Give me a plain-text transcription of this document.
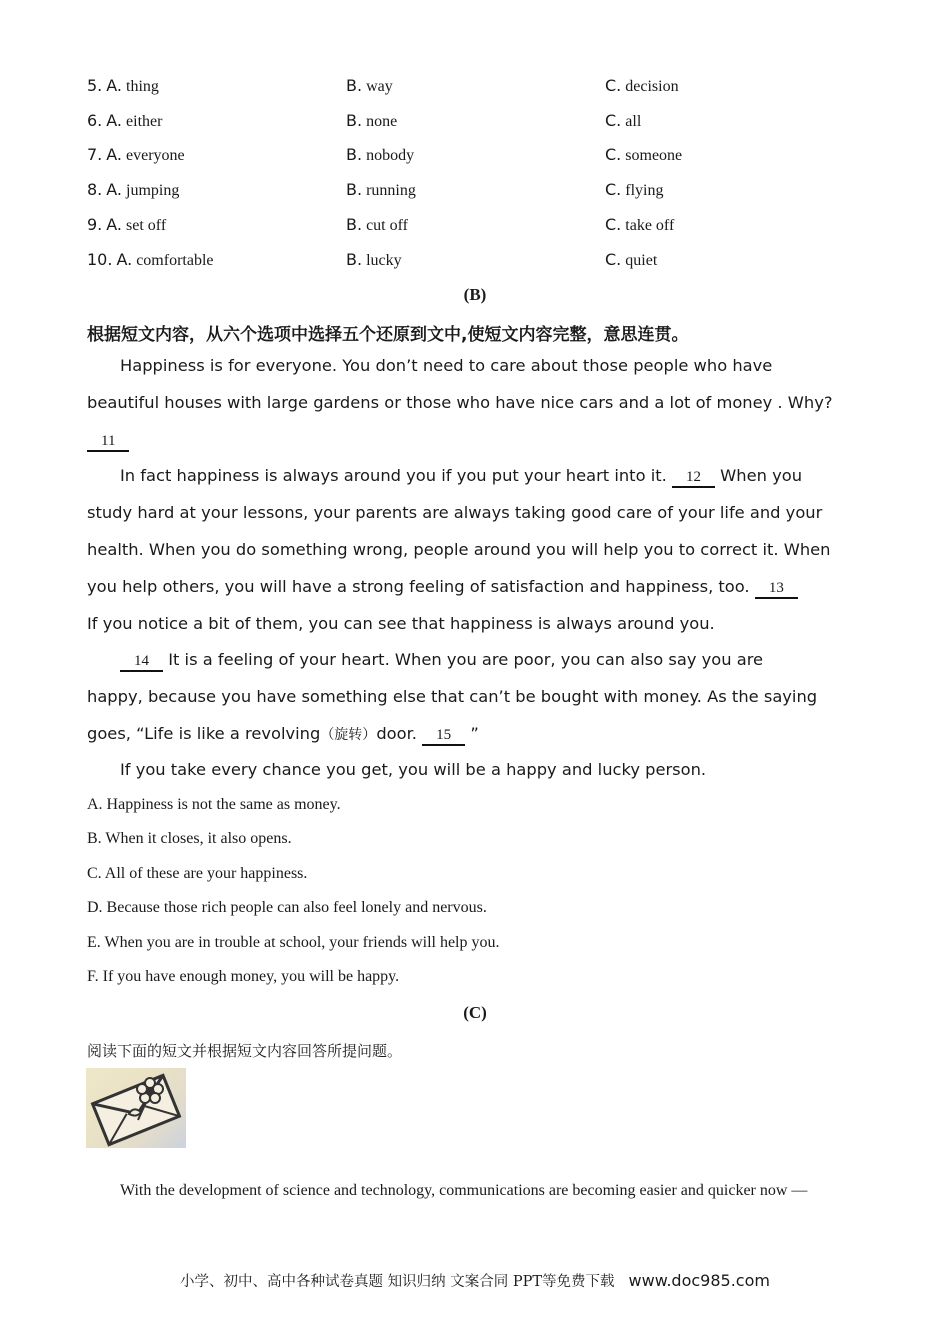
5. A. thing	B. way	C. decision
6. A. either	B. none	C. all
7. A. everyone	B. nobody	C. someone
8. A. jumping	B. running	C. flying
9. A. set off	B. cut off	C. take off
10. A. comfortable	B. lucky	C. quiet
(B)
根据短文内容，从六个选项中选择五个还原到文中,使短文内容完整，意思连贯。
Happiness is for everyone. You don’t need to care about those people who have
beautiful houses with large gardens or those who have nice cars and a lot of money . Why?
11
In fact happiness is always around you if you put your heart into it. 12 When you
study hard at your lessons, your parents are always taking good care of your life and your
health. When you do something wrong, people around you will help you to correct it. When
you help others, you will have a strong feeling of satisfaction and happiness, too. 13
If you notice a bit of them, you can see that happiness is always around you.
14 It is a feeling of your heart. When you are poor, you can also say you are
happy, because you have something else that can’t be bought with money. As the saying
goes, “Life is like a revolving（旋转）door. 15 ”
If you take every chance you get, you will be a happy and lucky person.
A. Happiness is not the same as money.
B. When it closes, it also opens.
C. All of these are your happiness.
D. Because those rich people can also feel lonely and nervous.
E. When you are in trouble at school, your friends will help you.
F. If you have enough money, you will be happy.
(C)
阅读下面的短文并根据短文内容回答所提问题。
With the development of science and technology, communications are becoming easier and quicker now —
小学、初中、高中各种试卷真题 知识归纳 文案合同 PPT等免费下载 www.doc985.com
